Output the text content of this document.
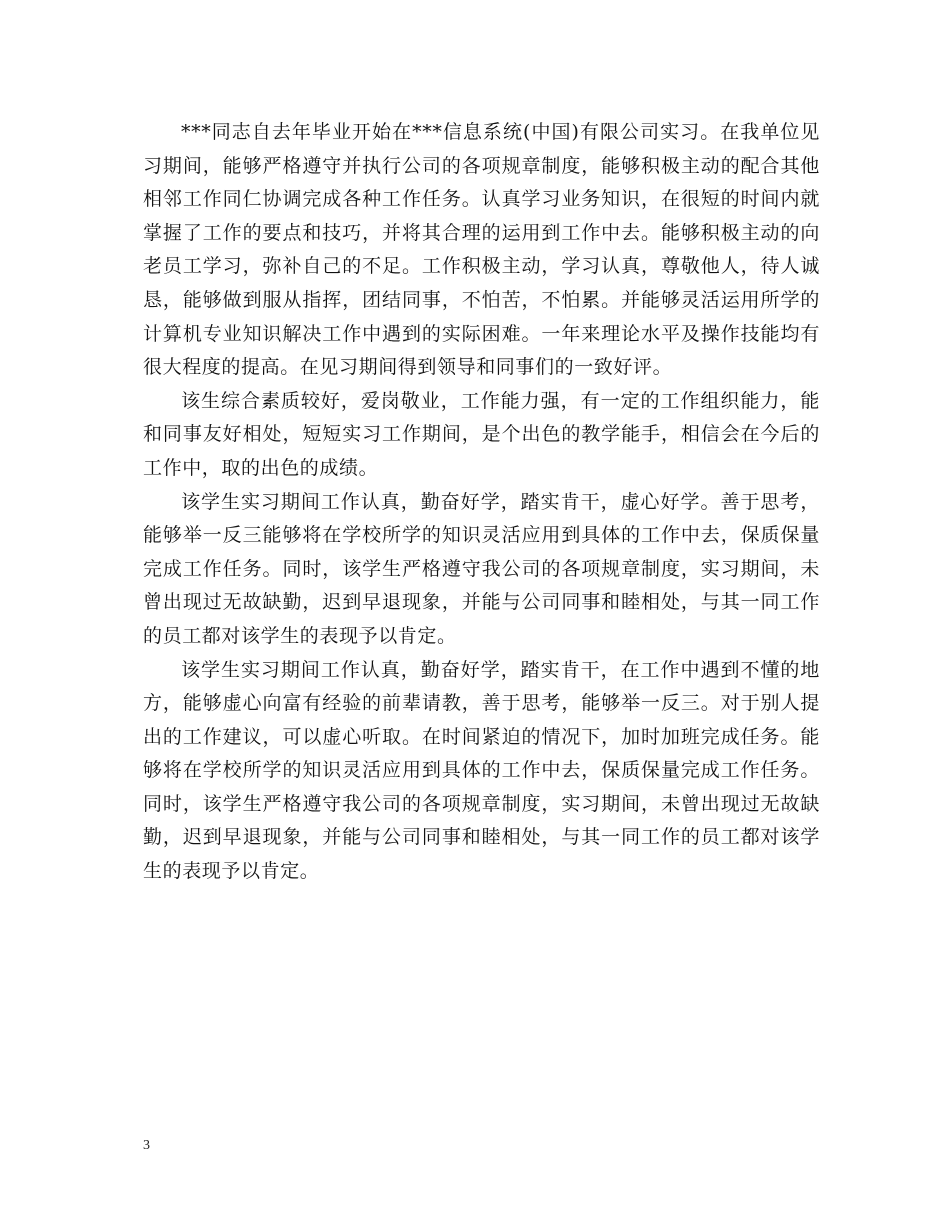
***同志自去年毕业开始在***信息系统(中国)有限公司实习。在我单位见习期间，能够严格遵守并执行公司的各项规章制度，能够积极主动的配合其他相邻工作同仁协调完成各种工作任务。认真学习业务知识，在很短的时间内就掌握了工作的要点和技巧，并将其合理的运用到工作中去。能够积极主动的向老员工学习，弥补自己的不足。工作积极主动，学习认真，尊敬他人，待人诚恳，能够做到服从指挥，团结同事，不怕苦，不怕累。并能够灵活运用所学的计算机专业知识解决工作中遇到的实际困难。一年来理论水平及操作技能均有很大程度的提高。在见习期间得到领导和同事们的一致好评。

该生综合素质较好，爱岗敬业，工作能力强，有一定的工作组织能力，能和同事友好相处，短短实习工作期间，是个出色的教学能手，相信会在今后的工作中，取的出色的成绩。

该学生实习期间工作认真，勤奋好学，踏实肯干，虚心好学。善于思考，能够举一反三能够将在学校所学的知识灵活应用到具体的工作中去，保质保量完成工作任务。同时，该学生严格遵守我公司的各项规章制度，实习期间，未曾出现过无故缺勤，迟到早退现象，并能与公司同事和睦相处，与其一同工作的员工都对该学生的表现予以肯定。

该学生实习期间工作认真，勤奋好学，踏实肯干，在工作中遇到不懂的地方，能够虚心向富有经验的前辈请教，善于思考，能够举一反三。对于别人提出的工作建议，可以虚心听取。在时间紧迫的情况下，加时加班完成任务。能够将在学校所学的知识灵活应用到具体的工作中去，保质保量完成工作任务。同时，该学生严格遵守我公司的各项规章制度，实习期间，未曾出现过无故缺勤，迟到早退现象，并能与公司同事和睦相处，与其一同工作的员工都对该学生的表现予以肯定。

3
